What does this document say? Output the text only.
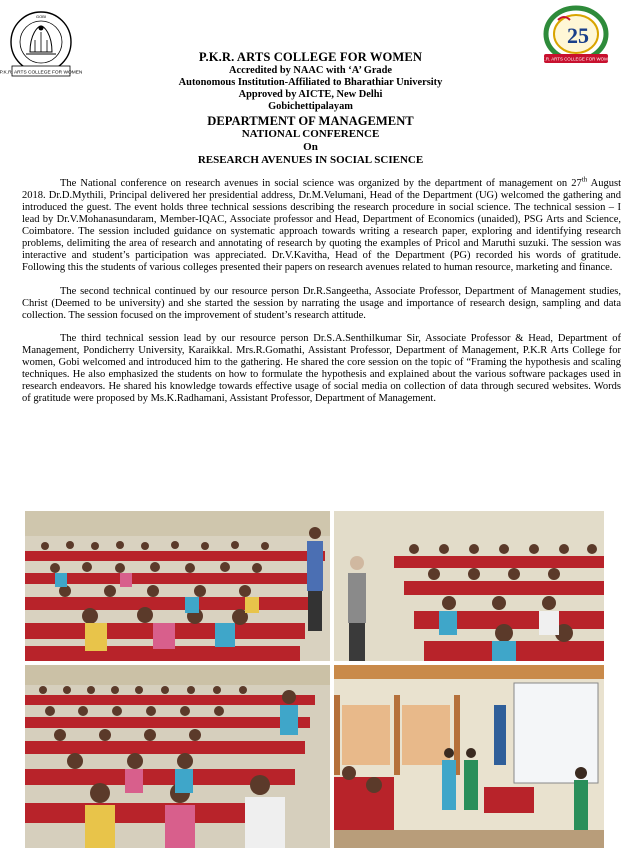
P.K.R. ARTS COLLEGE FOR WOMEN
GOBI
25
P.K.R. ARTS COLLEGE FOR WOMEN
P.K.R. ARTS COLLEGE FOR WOMEN
Accredited by NAAC with ‘A’ Grade
Autonomous Institution-Affiliated to Bharathiar University
Approved by AICTE, New Delhi
Gobichettipalayam
DEPARTMENT OF MANAGEMENT
NATIONAL CONFERENCE
On
RESEARCH AVENUES IN SOCIAL SCIENCE

The National conference on research avenues in social science was organized by the department of management on 27th August 2018. Dr.D.Mythili, Principal delivered her presidential address, Dr.M.Velumani, Head of the Department (UG) welcomed the gathering and introduced the guest. The event holds three technical sessions describing the research procedure in social science. The technical session – I lead by Dr.V.Mohanasundaram, Member-IQAC, Associate professor and Head, Department of Economics (unaided), PSG Arts and Science, Coimbatore. The session included guidance on systematic approach towards writing a research paper, exploring and identifying research problems, delimiting the area of research and annotating of research by quoting the examples of Pricol and Maruthi suzuki. The session was interactive and student’s participation was appreciated. Dr.V.Kavitha, Head of the Department (PG) recorded his words of gratitude. Following this the students of various colleges presented their papers on research avenues related to human resource, marketing and finance.

The second technical continued by our resource person Dr.R.Sangeetha, Associate Professor, Department of Management studies, Christ (Deemed to be university) and she started the session by narrating the usage and importance of research design, sampling and data collection. The session focused on the improvement of student’s research attitude.

The third technical session lead by our resource person Dr.S.A.Senthilkumar Sir, Associate Professor & Head, Department of Management, Pondicherry University, Karaikkal. Mrs.R.Gomathi, Assistant Professor, Department of Management, P.K.R Arts College for women, Gobi welcomed and introduced him to the gathering. He shared the core session on the topic of “Framing the hypothesis and scaling techniques. He also emphasized the students on how to formulate the hypothesis and explained about the various software packages used in research endeavors. He shared his knowledge towards effective usage of social media on collection of data through secured websites. Words of gratitude were proposed by Ms.K.Radhamani, Assistant Professor, Department of Management.
